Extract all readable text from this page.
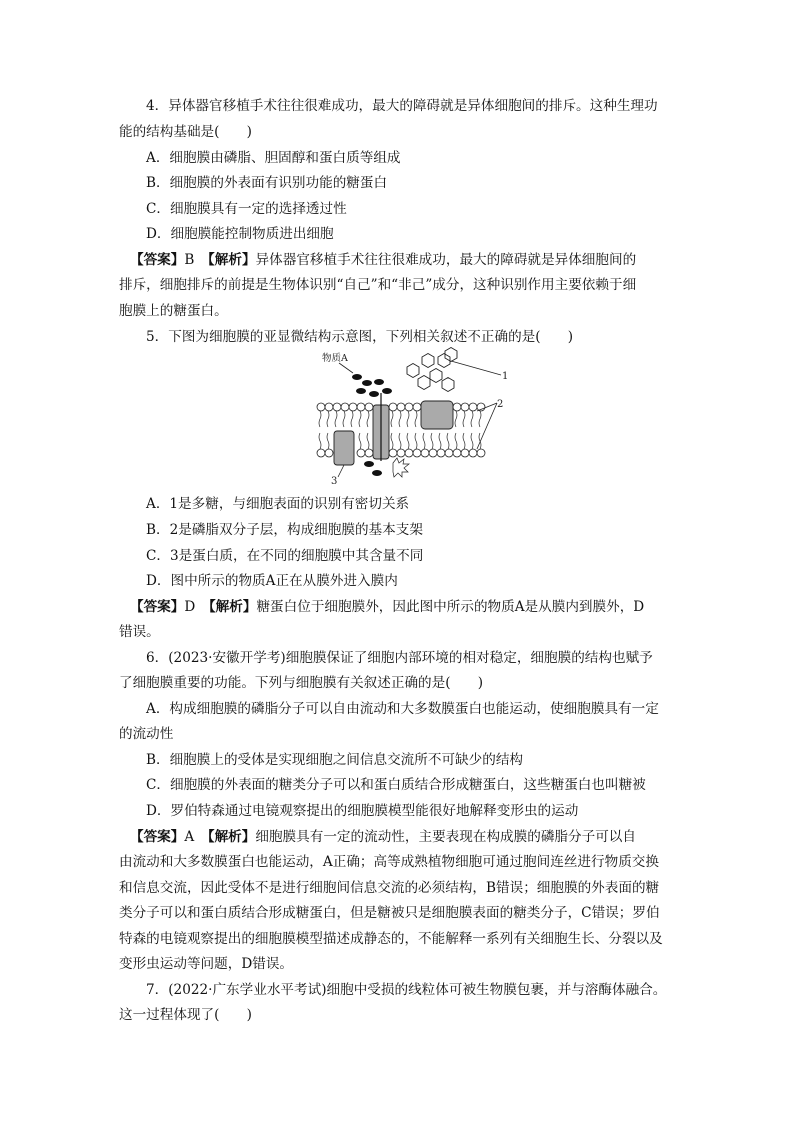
4．异体器官移植手术往往很难成功，最大的障碍就是异体细胞间的排斥。这种生理功
能的结构基础是(　　)
A．细胞膜由磷脂、胆固醇和蛋白质等组成
B．细胞膜的外表面有识别功能的糖蛋白
C．细胞膜具有一定的选择透过性
D．细胞膜能控制物质进出细胞
【答案】B　【解析】异体器官移植手术往往很难成功，最大的障碍就是异体细胞间的
排斥，细胞排斥的前提是生物体识别“自己”和“非己”成分，这种识别作用主要依赖于细
胞膜上的糖蛋白。
5．下图为细胞膜的亚显微结构示意图，下列相关叙述不正确的是(　　)
1
物质A
2
3
A．1是多糖，与细胞表面的识别有密切关系
B．2是磷脂双分子层，构成细胞膜的基本支架
C．3是蛋白质，在不同的细胞膜中其含量不同
D．图中所示的物质A正在从膜外进入膜内
【答案】D　【解析】糖蛋白位于细胞膜外，因此图中所示的物质A是从膜内到膜外，D
错误。
6．(2023·安徽开学考)细胞膜保证了细胞内部环境的相对稳定，细胞膜的结构也赋予
了细胞膜重要的功能。下列与细胞膜有关叙述正确的是(　　)
A．构成细胞膜的磷脂分子可以自由流动和大多数膜蛋白也能运动，使细胞膜具有一定
的流动性
B．细胞膜上的受体是实现细胞之间信息交流所不可缺少的结构
C．细胞膜的外表面的糖类分子可以和蛋白质结合形成糖蛋白，这些糖蛋白也叫糖被
D．罗伯特森通过电镜观察提出的细胞膜模型能很好地解释变形虫的运动
【答案】A　【解析】细胞膜具有一定的流动性，主要表现在构成膜的磷脂分子可以自
由流动和大多数膜蛋白也能运动，A正确；高等成熟植物细胞可通过胞间连丝进行物质交换
和信息交流，因此受体不是进行细胞间信息交流的必须结构，B错误；细胞膜的外表面的糖
类分子可以和蛋白质结合形成糖蛋白，但是糖被只是细胞膜表面的糖类分子，C错误；罗伯
特森的电镜观察提出的细胞膜模型描述成静态的，不能解释一系列有关细胞生长、分裂以及
变形虫运动等问题，D错误。
7．(2022·广东学业水平考试)细胞中受损的线粒体可被生物膜包裹，并与溶酶体融合。
这一过程体现了(　　)
